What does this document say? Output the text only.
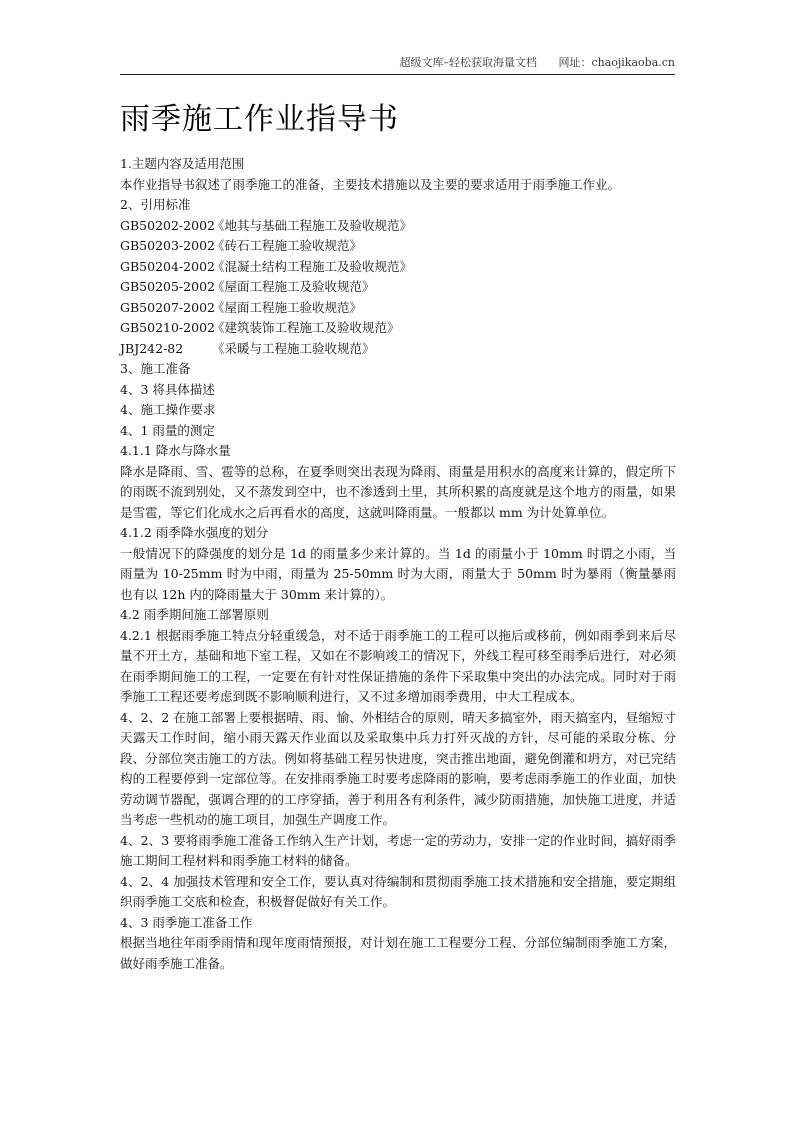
超级文库–轻松获取海量文档 网址：chaojikaoba.cn
雨季施工作业指导书

1.主题内容及适用范围

本作业指导书叙述了雨季施工的准备，主要技术措施以及主要的要求适用于雨季施工作业。

2、引用标准

GB50202-2002《地其与基础工程施工及验收规范》

GB50203-2002《砖石工程施工验收规范》

GB50204-2002《混凝土结构工程施工及验收规范》

GB50205-2002《屋面工程施工及验收规范》

GB50207-2002《屋面工程施工验收规范》

GB50210-2002《建筑装饰工程施工及验收规范》

JBJ242-82 《采暖与工程施工验收规范》

3、施工准备

4、3 将具体描述

4、施工操作要求

4、1 雨量的测定

4.1.1 降水与降水量

降水是降雨、雪、雹等的总称，在夏季则突出表现为降雨、雨量是用积水的高度来计算的，假定所下的雨既不流到别处，又不蒸发到空中，也不渗透到土里，其所积累的高度就是这个地方的雨量，如果是雪雹，等它们化成水之后再看水的高度，这就叫降雨量。一般都以 mm 为计处算单位。

4.1.2 雨季降水强度的划分

一般情况下的降强度的划分是 1d 的雨量多少来计算的。当 1d 的雨量小于 10mm 时谓之小雨，当雨量为 10-25mm 时为中雨，雨量为 25-50mm 时为大雨，雨量大于 50mm 时为暴雨（衡量暴雨也有以 12h 内的降雨量大于 30mm 来计算的）。

4.2 雨季期间施工部署原则

4.2.1 根据雨季施工特点分轻重缓急，对不适于雨季施工的工程可以拖后或移前，例如雨季到来后尽量不开土方，基础和地下室工程，又如在不影响竣工的情况下，外线工程可移至雨季后进行，对必须在雨季期间施工的工程，一定要在有针对性保证措施的条件下采取集中突出的办法完成。同时对于雨季施工工程还要考虑到既不影响顺利进行，又不过多增加雨季费用，中大工程成本。

4、2、2 在施工部署上要根据晴、雨、愉、外相结合的原则，晴天多搞室外，雨天搞室内，昼缩短寸天露天工作时间，缩小雨天露天作业面以及采取集中兵力打歼灭战的方针，尽可能的采取分栋、分段、分部位突击施工的方法。例如将基础工程另快进度，突击推出地面，避免倒灌和坍方，对已完结构的工程要停到一定部位等。在安排雨季施工时要考虑降雨的影响，要考虑雨季施工的作业面，加快劳动调节器配，强调合理的的工序穿插，善于利用各有利条件，减少防雨措施，加快施工进度，并适当考虑一些机动的施工项目，加强生产调度工作。

4、2、3 要将雨季施工准备工作纳入生产计划，考虑一定的劳动力，安排一定的作业时间，搞好雨季施工期间工程材料和雨季施工材料的储备。

4、2、4 加强技术管理和安全工作，要认真对待编制和贯彻雨季施工技术措施和安全措施，要定期组织雨季施工交底和检查，积极督促做好有关工作。

4、3 雨季施工准备工作

根据当地往年雨季雨情和现年度雨情预报，对计划在施工工程要分工程、分部位编制雨季施工方案，做好雨季施工准备。
